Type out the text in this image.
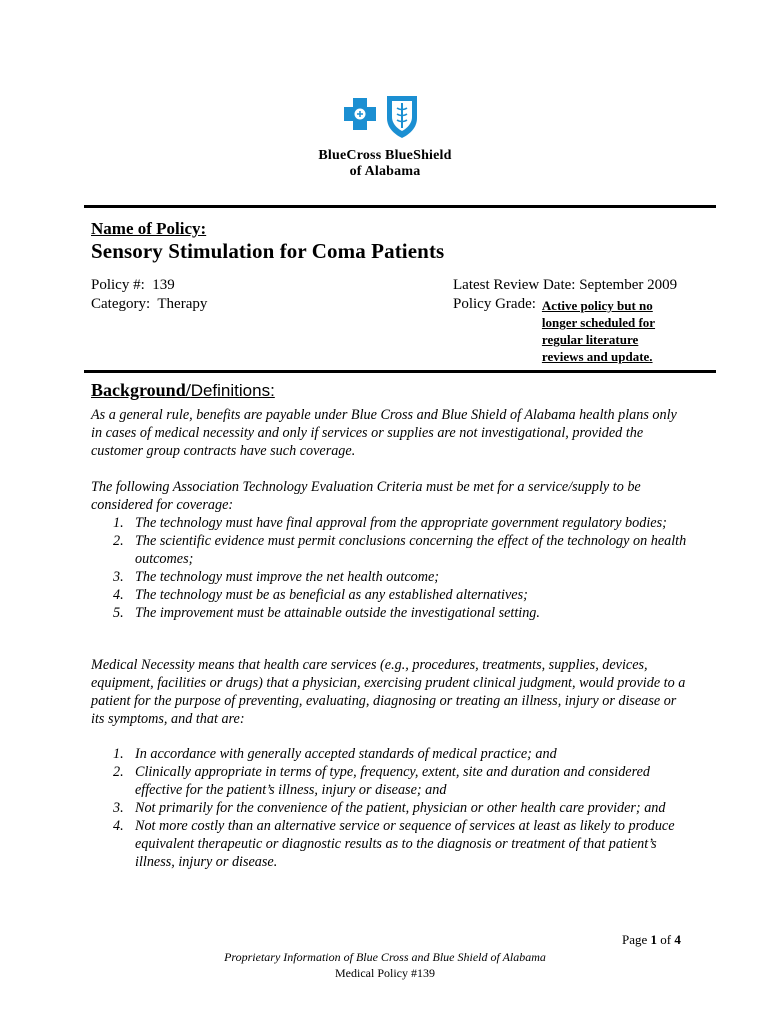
BlueCross BlueShield
of Alabama
Name of Policy:
Sensory Stimulation for Coma Patients
Policy #: 139
Category: Therapy
Latest Review Date: September 2009
Policy Grade: Active policy but no longer scheduled for regular literature reviews and update.
Background/Definitions:

As a general rule, benefits are payable under Blue Cross and Blue Shield of Alabama health plans only in cases of medical necessity and only if services or supplies are not investigational, provided the customer group contracts have such coverage.

The following Association Technology Evaluation Criteria must be met for a service/supply to be considered for coverage:

1. The technology must have final approval from the appropriate government regulatory bodies;
2. The scientific evidence must permit conclusions concerning the effect of the technology on health outcomes;
3. The technology must improve the net health outcome;
4. The technology must be as beneficial as any established alternatives;
5. The improvement must be attainable outside the investigational setting.

Medical Necessity means that health care services (e.g., procedures, treatments, supplies, devices, equipment, facilities or drugs) that a physician, exercising prudent clinical judgment, would provide to a patient for the purpose of preventing, evaluating, diagnosing or treating an illness, injury or disease or its symptoms, and that are:

1. In accordance with generally accepted standards of medical practice; and
2. Clinically appropriate in terms of type, frequency, extent, site and duration and considered effective for the patient’s illness, injury or disease; and
3. Not primarily for the convenience of the patient, physician or other health care provider; and
4. Not more costly than an alternative service or sequence of services at least as likely to produce equivalent therapeutic or diagnostic results as to the diagnosis or treatment of that patient’s illness, injury or disease.
Page 1 of 4
Proprietary Information of Blue Cross and Blue Shield of Alabama
Medical Policy #139
